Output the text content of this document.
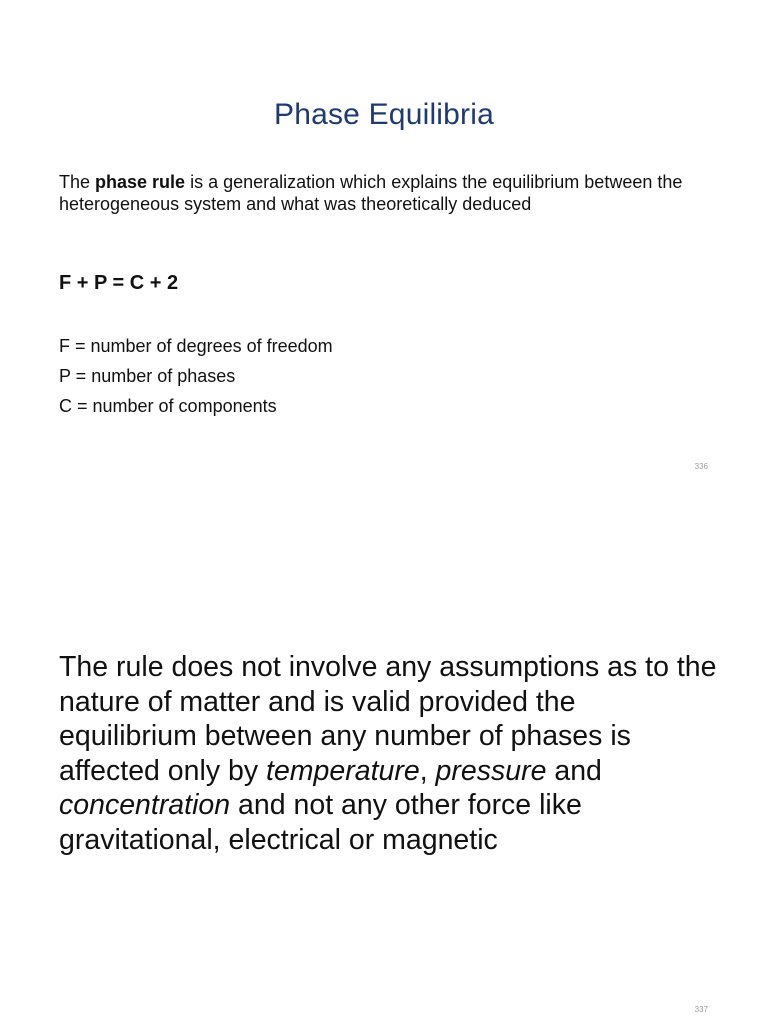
Phase Equilibria

The phase rule is a generalization which explains the equilibrium between the heterogeneous system and what was theoretically deduced

F + P = C + 2

F = number of degrees of freedom
P = number of phases
C = number of components
336

The rule does not involve any assumptions as to the nature of matter and is valid provided the equilibrium between any number of phases is affected only by temperature, pressure and concentration and not any other force like gravitational, electrical or magnetic

337
